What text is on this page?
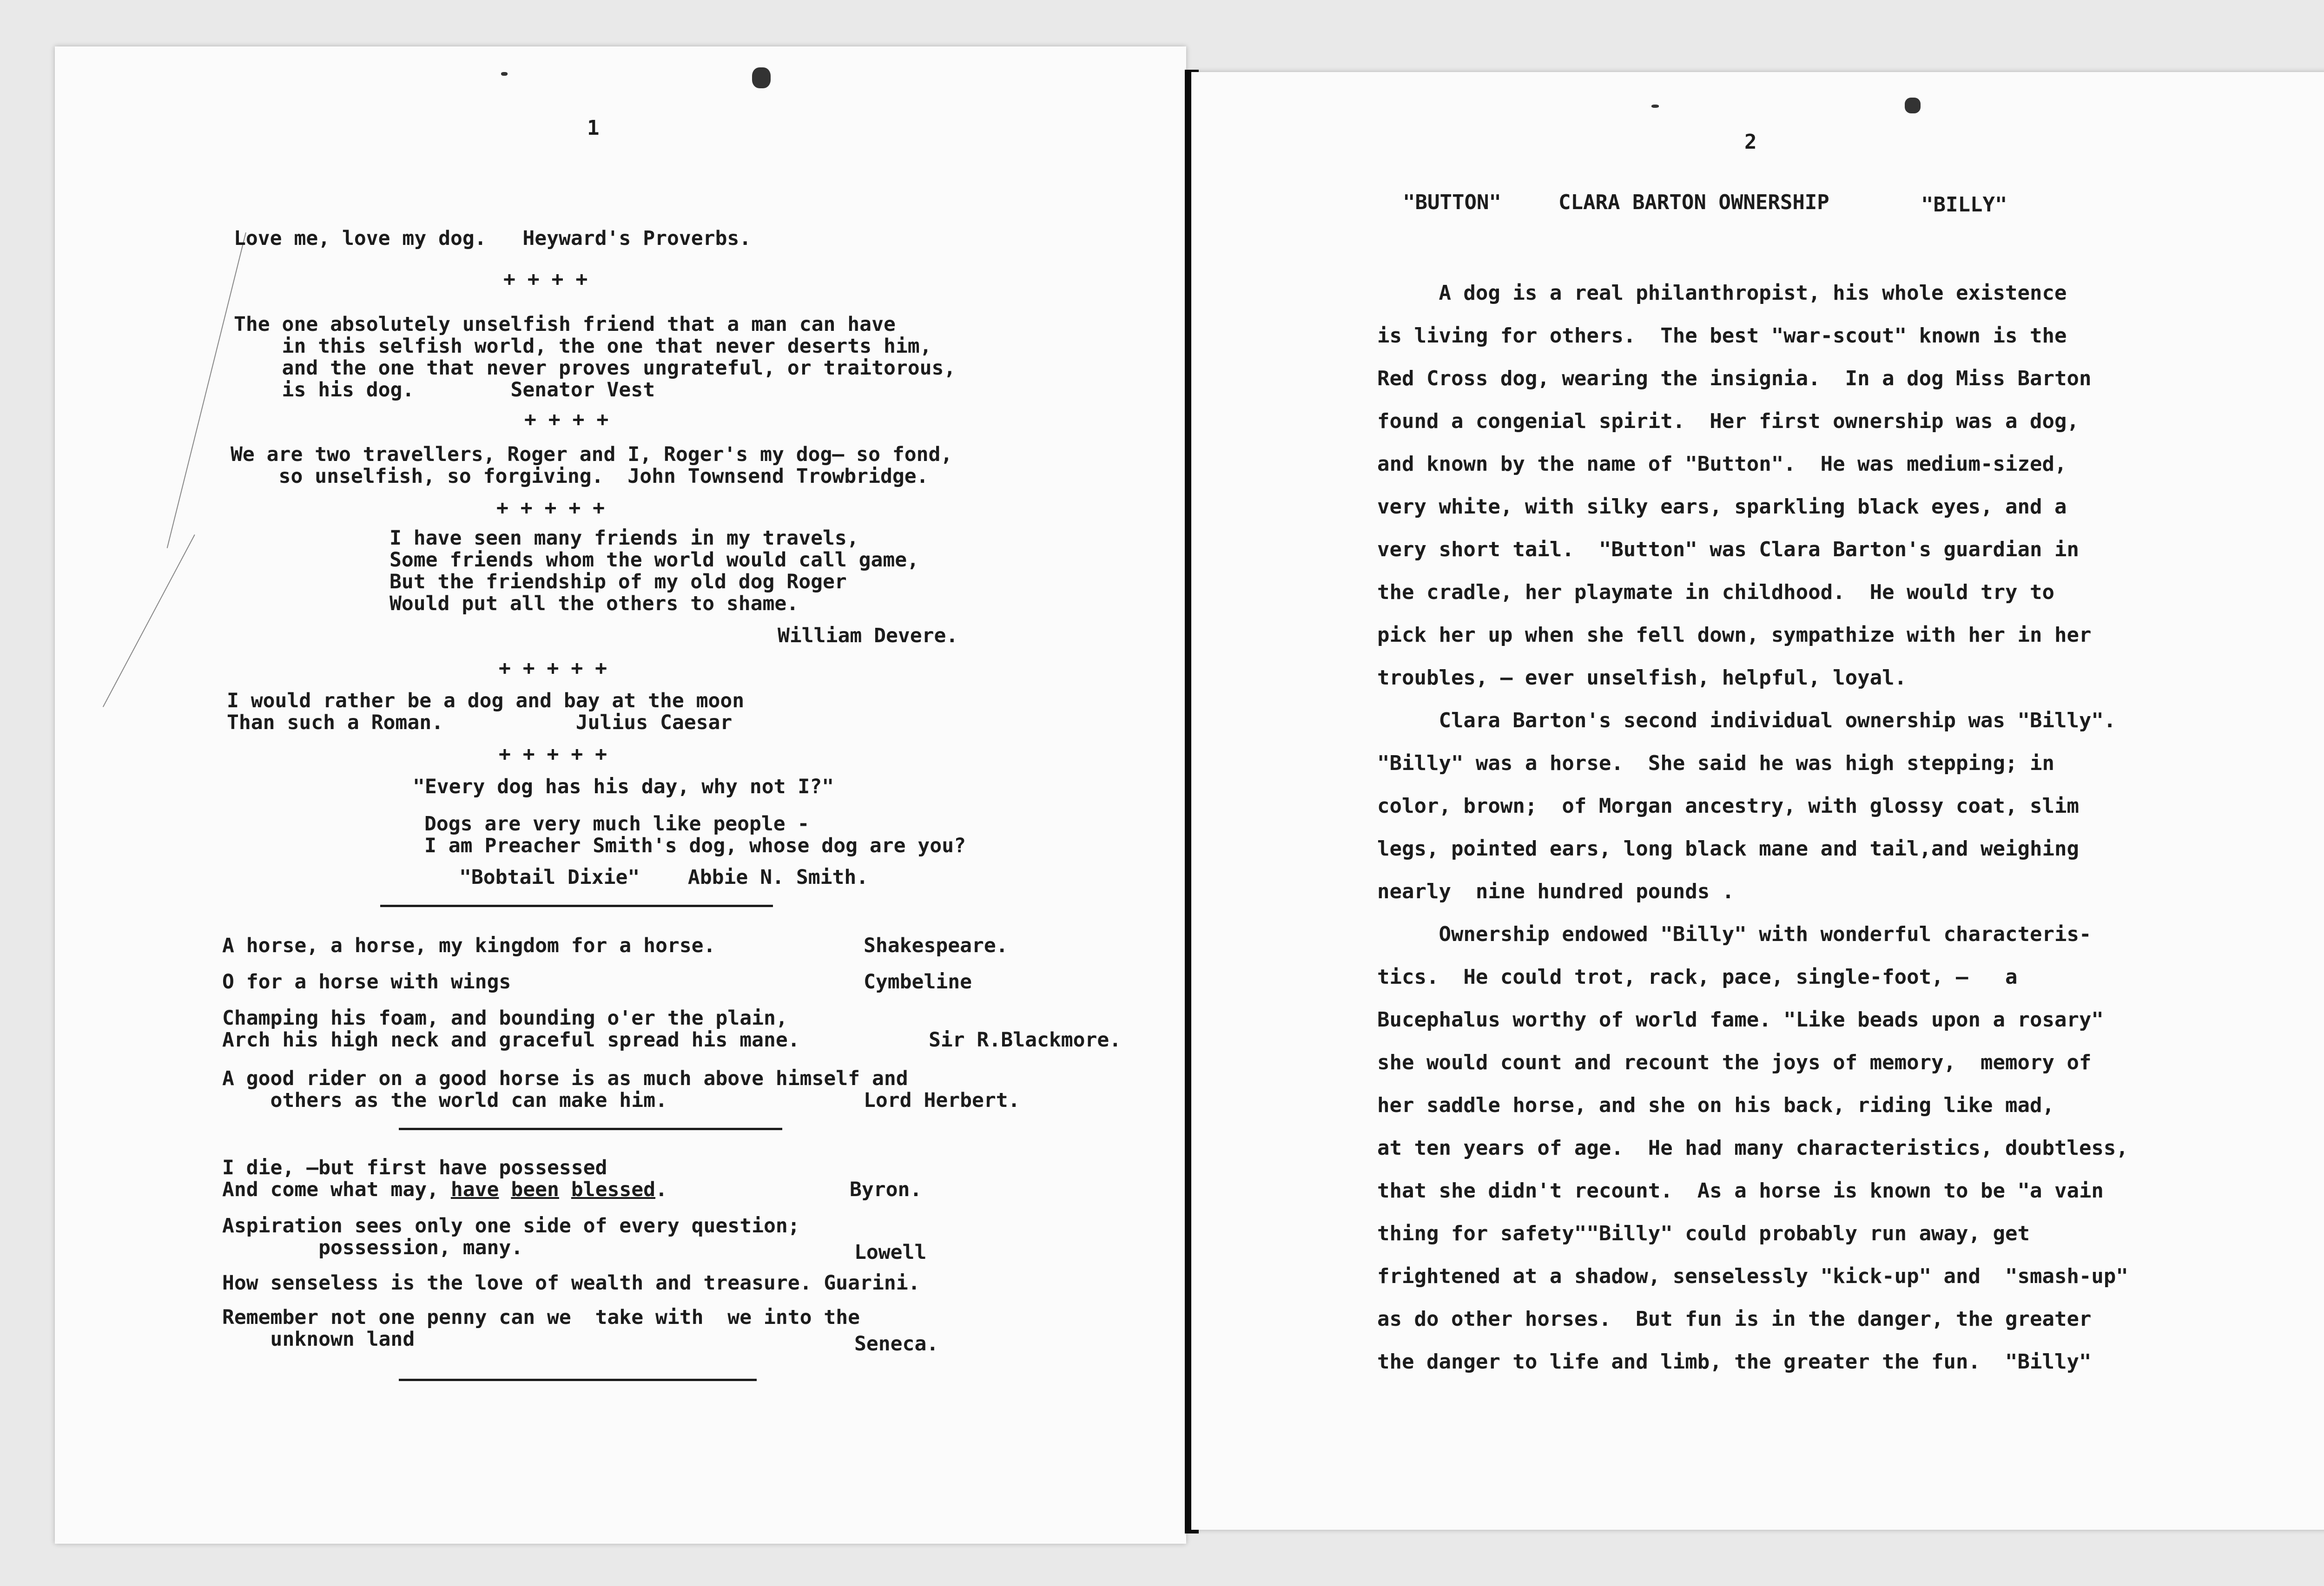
1
Love me, love my dog.   Heyward's Proverbs.
+ + + +
The one absolutely unselfish friend that a man can have
in this selfish world, the one that never deserts him,
and the one that never proves ungrateful, or traitorous,
is his dog.        Senator Vest
+ + + +
We are two travellers, Roger and I, Roger's my dog— so fond,
so unselfish, so forgiving.  John Townsend Trowbridge.
+ + + + +
I have seen many friends in my travels,
Some friends whom the world would call game,
But the friendship of my old dog Roger
Would put all the others to shame.
William Devere.
+ + + + +
I would rather be a dog and bay at the moon
Than such a Roman.           Julius Caesar
+ + + + +
"Every dog has his day, why not I?"
Dogs are very much like people -
I am Preacher Smith's dog, whose dog are you?
"Bobtail Dixie"    Abbie N. Smith.
A horse, a horse, my kingdom for a horse.	Shakespeare.
O for a horse with wings	Cymbeline
Champing his foam, and bounding o'er the plain,
Arch his high neck and graceful spread his mane.	Sir R.Blackmore.
A good rider on a good horse is as much above himself and
others as the world can make him.	Lord Herbert.
I die, —but first have possessed
And come what may, have been blessed.	Byron.
Aspiration sees only one side of every question;
possession, many.	Lowell
How senseless is the love of wealth and treasure. Guarini.
Remember not one penny can we  take with  we into the
unknown land	Seneca.
2
"BUTTON"	CLARA BARTON OWNERSHIP	"BILLY"
A dog is a real philanthropist, his whole existence
is living for others.  The best "war-scout" known is the
Red Cross dog, wearing the insignia.  In a dog Miss Barton
found a congenial spirit.  Her first ownership was a dog,
and known by the name of "Button".  He was medium-sized,
very white, with silky ears, sparkling black eyes, and a
very short tail.  "Button" was Clara Barton's guardian in
the cradle, her playmate in childhood.  He would try to
pick her up when she fell down, sympathize with her in her
troubles, — ever unselfish, helpful, loyal.
Clara Barton's second individual ownership was "Billy".
"Billy" was a horse.  She said he was high stepping; in
color, brown;  of Morgan ancestry, with glossy coat, slim
legs, pointed ears, long black mane and tail,and weighing
nearly  nine hundred pounds .
Ownership endowed "Billy" with wonderful characteris-
tics.  He could trot, rack, pace, single-foot, —   a
Bucephalus worthy of world fame. "Like beads upon a rosary"
she would count and recount the joys of memory,  memory of
her saddle horse, and she on his back, riding like mad,
at ten years of age.  He had many characteristics, doubtless,
that she didn't recount.  As a horse is known to be "a vain
thing for safety""Billy" could probably run away, get
frightened at a shadow, senselessly "kick-up" and  "smash-up"
as do other horses.  But fun is in the danger, the greater
the danger to life and limb, the greater the fun.  "Billy"
